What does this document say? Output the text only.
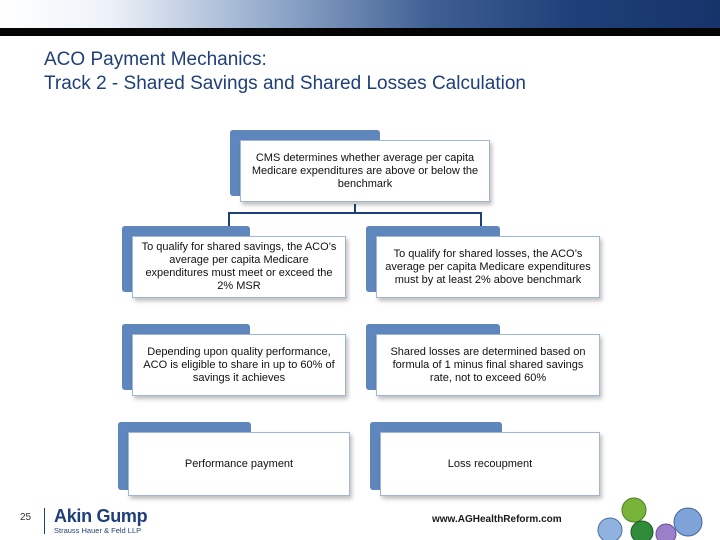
ACO Payment Mechanics:
Track 2 - Shared Savings and Shared Losses Calculation
CMS determines whether average per capita Medicare expenditures are above or below the benchmark
To qualify for shared savings, the ACO’s average per capita Medicare expenditures must meet or exceed the 2% MSR
Depending upon quality performance, ACO is eligible to share in up to 60% of savings it achieves
Performance payment
To qualify for shared losses, the ACO’s average per capita Medicare expenditures must by at least 2% above benchmark
Shared losses are determined based on formula of 1 minus final shared savings rate, not to exceed 60%
Loss recoupment
25 Akin Gump
Strauss Hauer & Feld LLP
www.AGHealthReform.com
